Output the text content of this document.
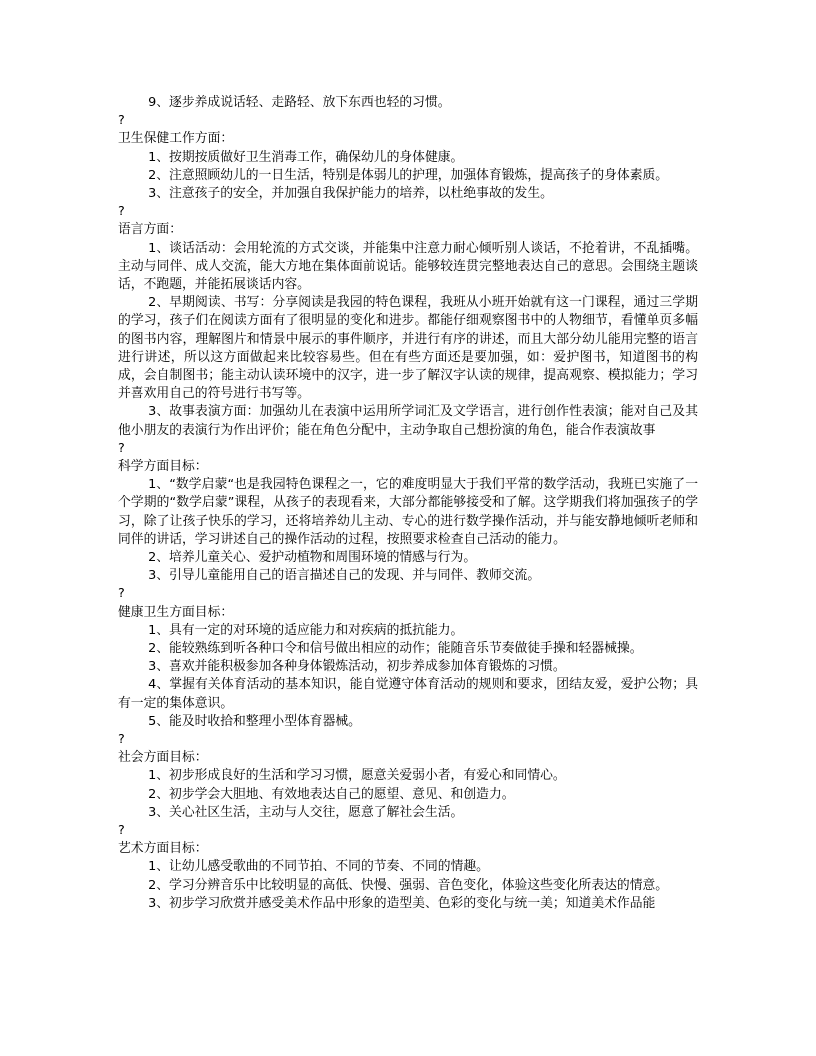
9、逐步养成说话轻、走路轻、放下东西也轻的习惯。

?

卫生保健工作方面：

1、按期按质做好卫生消毒工作，确保幼儿的身体健康。

2、注意照顾幼儿的一日生活，特别是体弱儿的护理，加强体育锻炼，提高孩子的身体素质。

3、注意孩子的安全，并加强自我保护能力的培养，以杜绝事故的发生。

?

语言方面：

1、谈话活动：会用轮流的方式交谈，并能集中注意力耐心倾听别人谈话，不抢着讲，不乱插嘴。主动与同伴、成人交流，能大方地在集体面前说话。能够较连贯完整地表达自己的意思。会围绕主题谈话，不跑题，并能拓展谈话内容。

2、早期阅读、书写：分享阅读是我园的特色课程，我班从小班开始就有这一门课程，通过三学期的学习，孩子们在阅读方面有了很明显的变化和进步。都能仔细观察图书中的人物细节，看懂单页多幅的图书内容，理解图片和情景中展示的事件顺序，并进行有序的讲述，而且大部分幼儿能用完整的语言进行讲述，所以这方面做起来比较容易些。但在有些方面还是要加强，如：爱护图书，知道图书的构成，会自制图书；能主动认读环境中的汉字，进一步了解汉字认读的规律，提高观察、模拟能力；学习并喜欢用自己的符号进行书写等。

3、故事表演方面：加强幼儿在表演中运用所学词汇及文学语言，进行创作性表演；能对自己及其他小朋友的表演行为作出评价；能在角色分配中，主动争取自己想扮演的角色，能合作表演故事

?

科学方面目标：

1、“数学启蒙“也是我园特色课程之一，它的难度明显大于我们平常的数学活动，我班已实施了一个学期的“数学启蒙”课程，从孩子的表现看来，大部分都能够接受和了解。这学期我们将加强孩子的学习，除了让孩子快乐的学习，还将培养幼儿主动、专心的进行数学操作活动，并与能安静地倾听老师和同伴的讲话，学习讲述自己的操作活动的过程，按照要求检查自己活动的能力。

2、培养儿童关心、爱护动植物和周围环境的情感与行为。

3、引导儿童能用自己的语言描述自己的发现、并与同伴、教师交流。

?

健康卫生方面目标：

1、具有一定的对环境的适应能力和对疾病的抵抗能力。

2、能较熟练到听各种口令和信号做出相应的动作；能随音乐节奏做徒手操和轻器械操。

3、喜欢并能积极参加各种身体锻炼活动，初步养成参加体育锻炼的习惯。

4、掌握有关体育活动的基本知识，能自觉遵守体育活动的规则和要求，团结友爱，爱护公物；具有一定的集体意识。

5、能及时收拾和整理小型体育器械。

?

社会方面目标：

1、初步形成良好的生活和学习习惯，愿意关爱弱小者，有爱心和同情心。

2、初步学会大胆地、有效地表达自己的愿望、意见、和创造力。

3、关心社区生活，主动与人交往，愿意了解社会生活。

?

艺术方面目标：

1、让幼儿感受歌曲的不同节拍、不同的节奏、不同的情趣。

2、学习分辨音乐中比较明显的高低、快慢、强弱、音色变化，体验这些变化所表达的情意。

3、初步学习欣赏并感受美术作品中形象的造型美、色彩的变化与统一美；知道美术作品能
